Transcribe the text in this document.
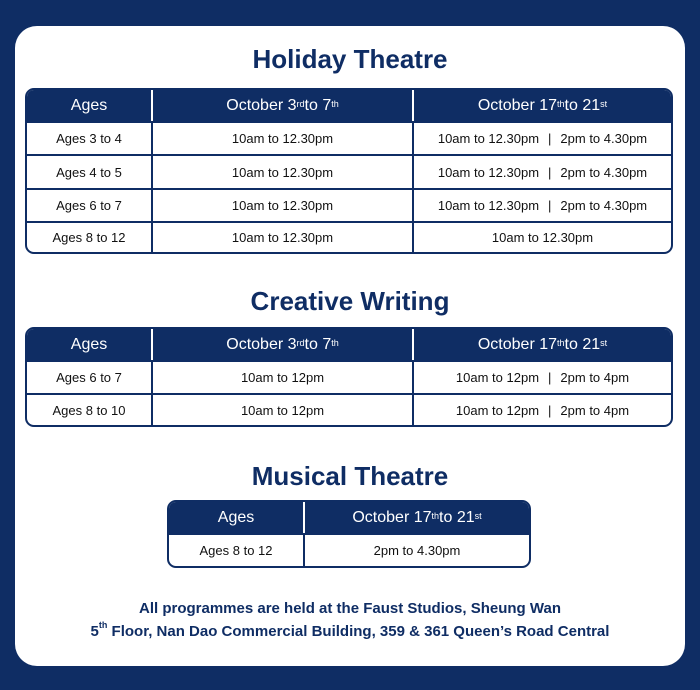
Holiday Theatre
Ages	October 3rd to 7th	October 17th to 21st
Ages 3 to 4	10am to 12.30pm	10am to 12.30pm | 2pm to 4.30pm
Ages 4 to 5	10am to 12.30pm	10am to 12.30pm | 2pm to 4.30pm
Ages 6 to 7	10am to 12.30pm	10am to 12.30pm | 2pm to 4.30pm
Ages 8 to 12	10am to 12.30pm	10am to 12.30pm
Creative Writing
Ages	October 3rd to 7th	October 17th to 21st
Ages 6 to 7	10am to 12pm	10am to 12pm | 2pm to 4pm
Ages 8 to 10	10am to 12pm	10am to 12pm | 2pm to 4pm
Musical Theatre
Ages	October 17th to 21st
Ages 8 to 12	2pm to 4.30pm
All programmes are held at the Faust Studios, Sheung Wan
5th Floor, Nan Dao Commercial Building, 359 & 361 Queen’s Road Central
